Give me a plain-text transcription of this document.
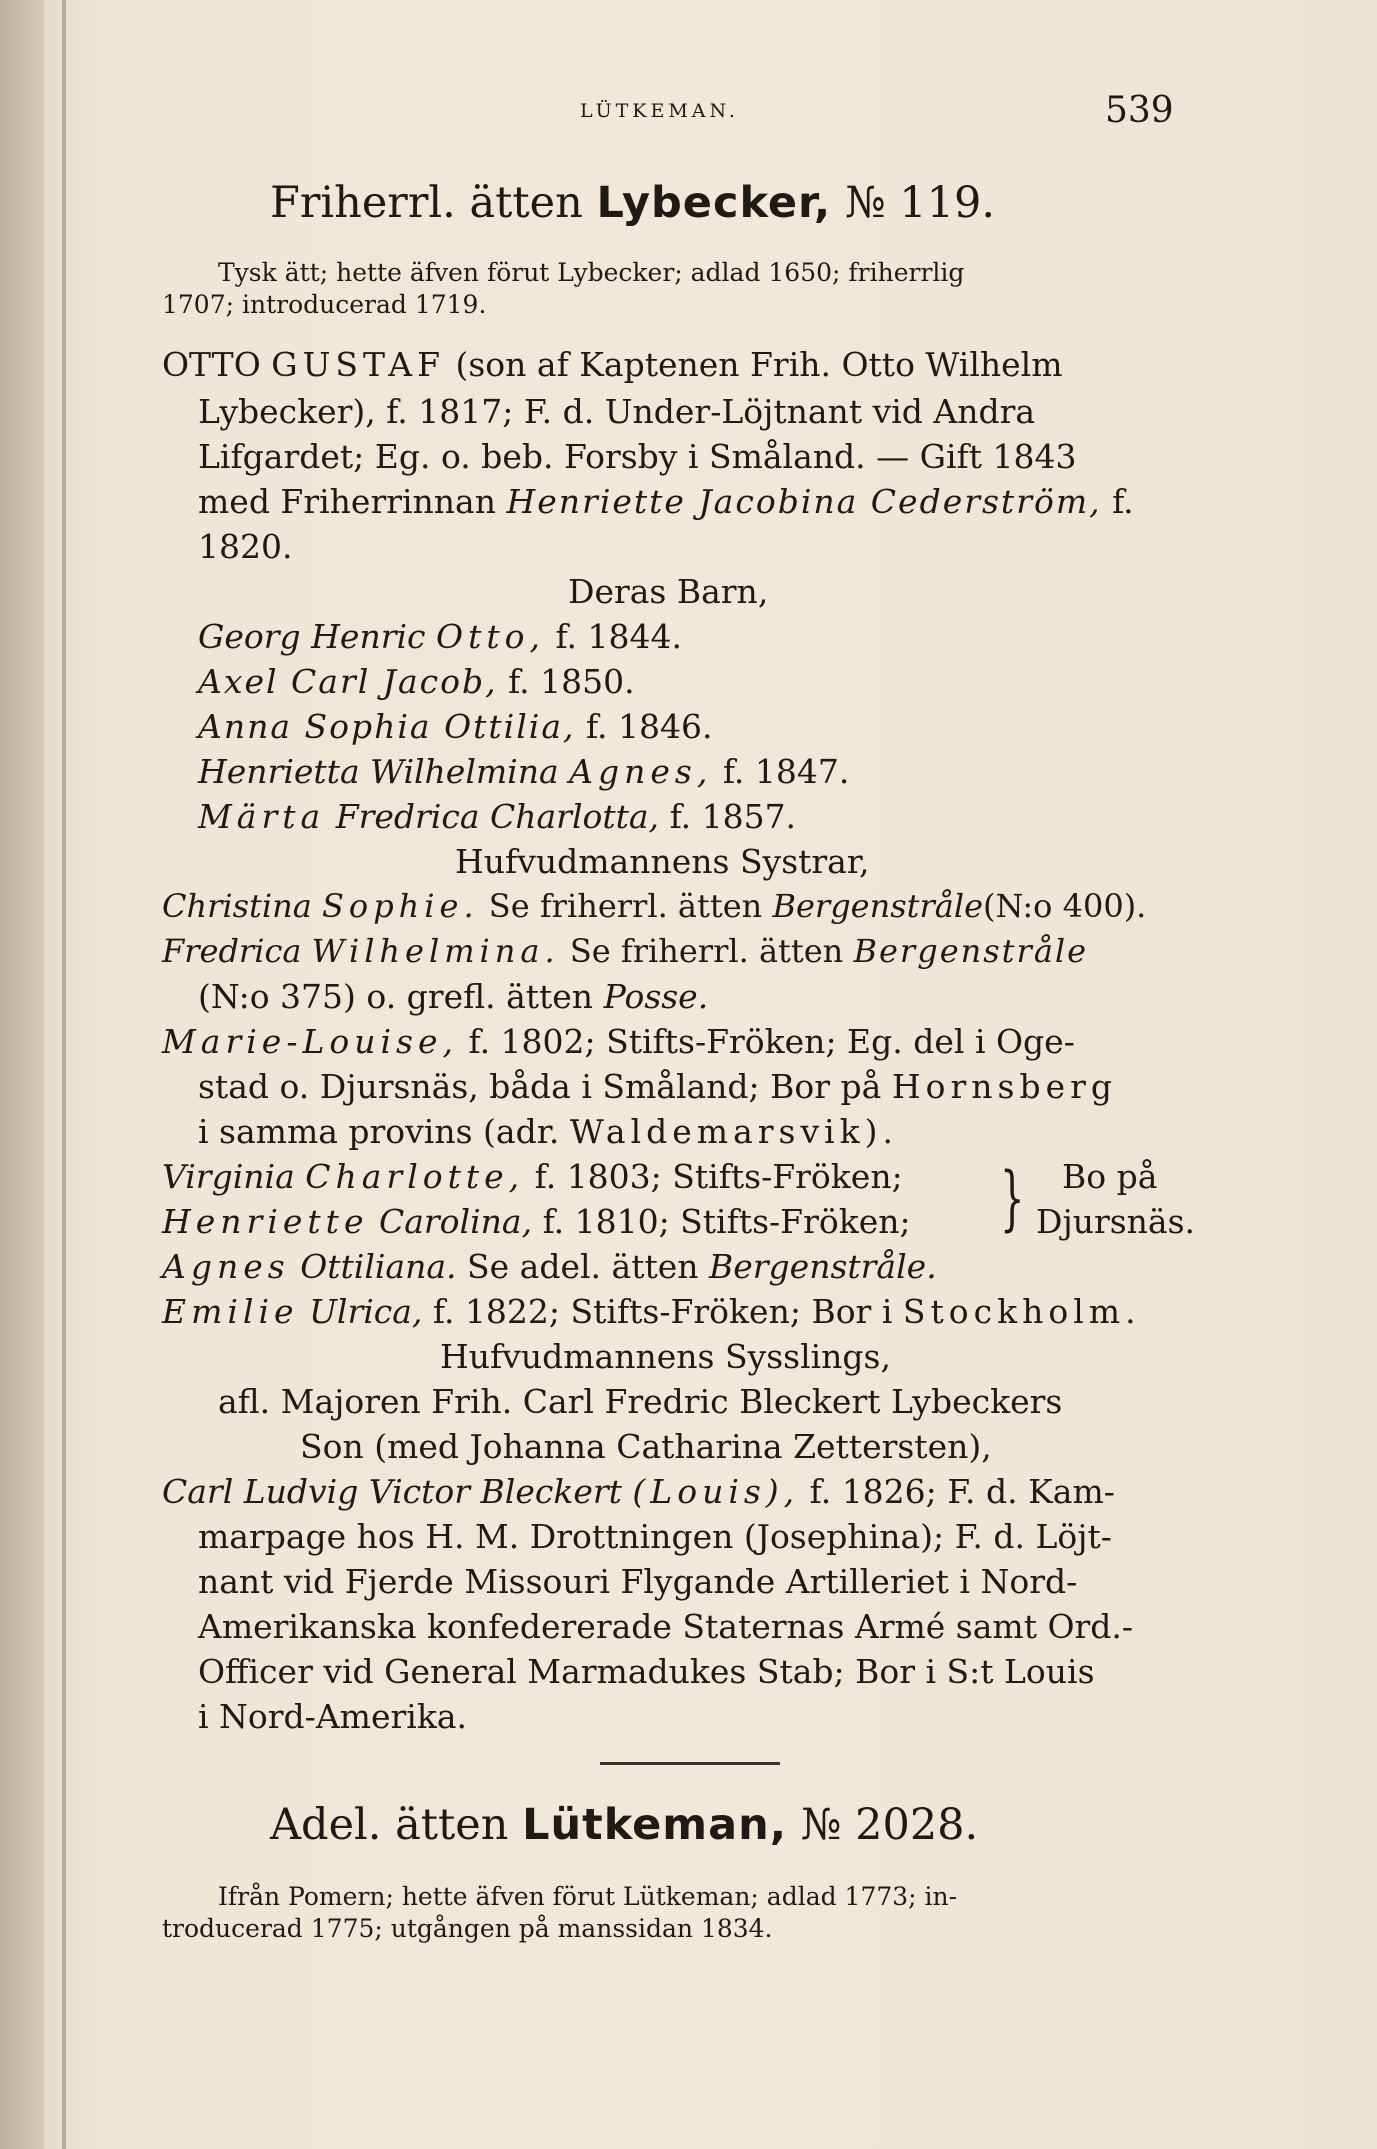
LÜTKEMAN.	539
Friherrl. ätten Lybecker, № 119.
Tysk ätt; hette äfven förut Lybecker; adlad 1650; friherrlig
1707; introducerad 1719.
OTTO GUSTAF (son af Kaptenen Frih. Otto Wilhelm
Lybecker), f. 1817; F. d. Under-Löjtnant vid Andra
Lifgardet; Eg. o. beb. Forsby i Småland. — Gift 1843
med Friherrinnan Henriette Jacobina Cederström, f.
1820.
Deras Barn,
Georg Henric Otto, f. 1844.
Axel Carl Jacob, f. 1850.
Anna Sophia Ottilia, f. 1846.
Henrietta Wilhelmina Agnes, f. 1847.
Märta Fredrica Charlotta, f. 1857.
Hufvudmannens Systrar,
Christina Sophie. Se friherrl. ätten Bergenstråle(N:o 400).
Fredrica Wilhelmina. Se friherrl. ätten Bergenstråle
(N:o 375) o. grefl. ätten Posse.
Marie-Louise, f. 1802; Stifts-Fröken; Eg. del i Oge-
stad o. Djursnäs, båda i Småland; Bor på Hornsberg
i samma provins (adr. Waldemarsvik).
Virginia Charlotte, f. 1803; Stifts-Fröken;
Henriette Carolina, f. 1810; Stifts-Fröken; } Bo på
Djursnäs.
Agnes Ottiliana. Se adel. ätten Bergenstråle.
Emilie Ulrica, f. 1822; Stifts-Fröken; Bor i Stockholm.
Hufvudmannens Sysslings,
afl. Majoren Frih. Carl Fredric Bleckert Lybeckers
Son (med Johanna Catharina Zettersten),
Carl Ludvig Victor Bleckert (Louis), f. 1826; F. d. Kam-
marpage hos H. M. Drottningen (Josephina); F. d. Löjt-
nant vid Fjerde Missouri Flygande Artilleriet i Nord-
Amerikanska konfedererade Staternas Armé samt Ord.-
Officer vid General Marmadukes Stab; Bor i S:t Louis
i Nord-Amerika.
Adel. ätten Lütkeman, № 2028.
Ifrån Pomern; hette äfven förut Lütkeman; adlad 1773; in-
troducerad 1775; utgången på manssidan 1834.
